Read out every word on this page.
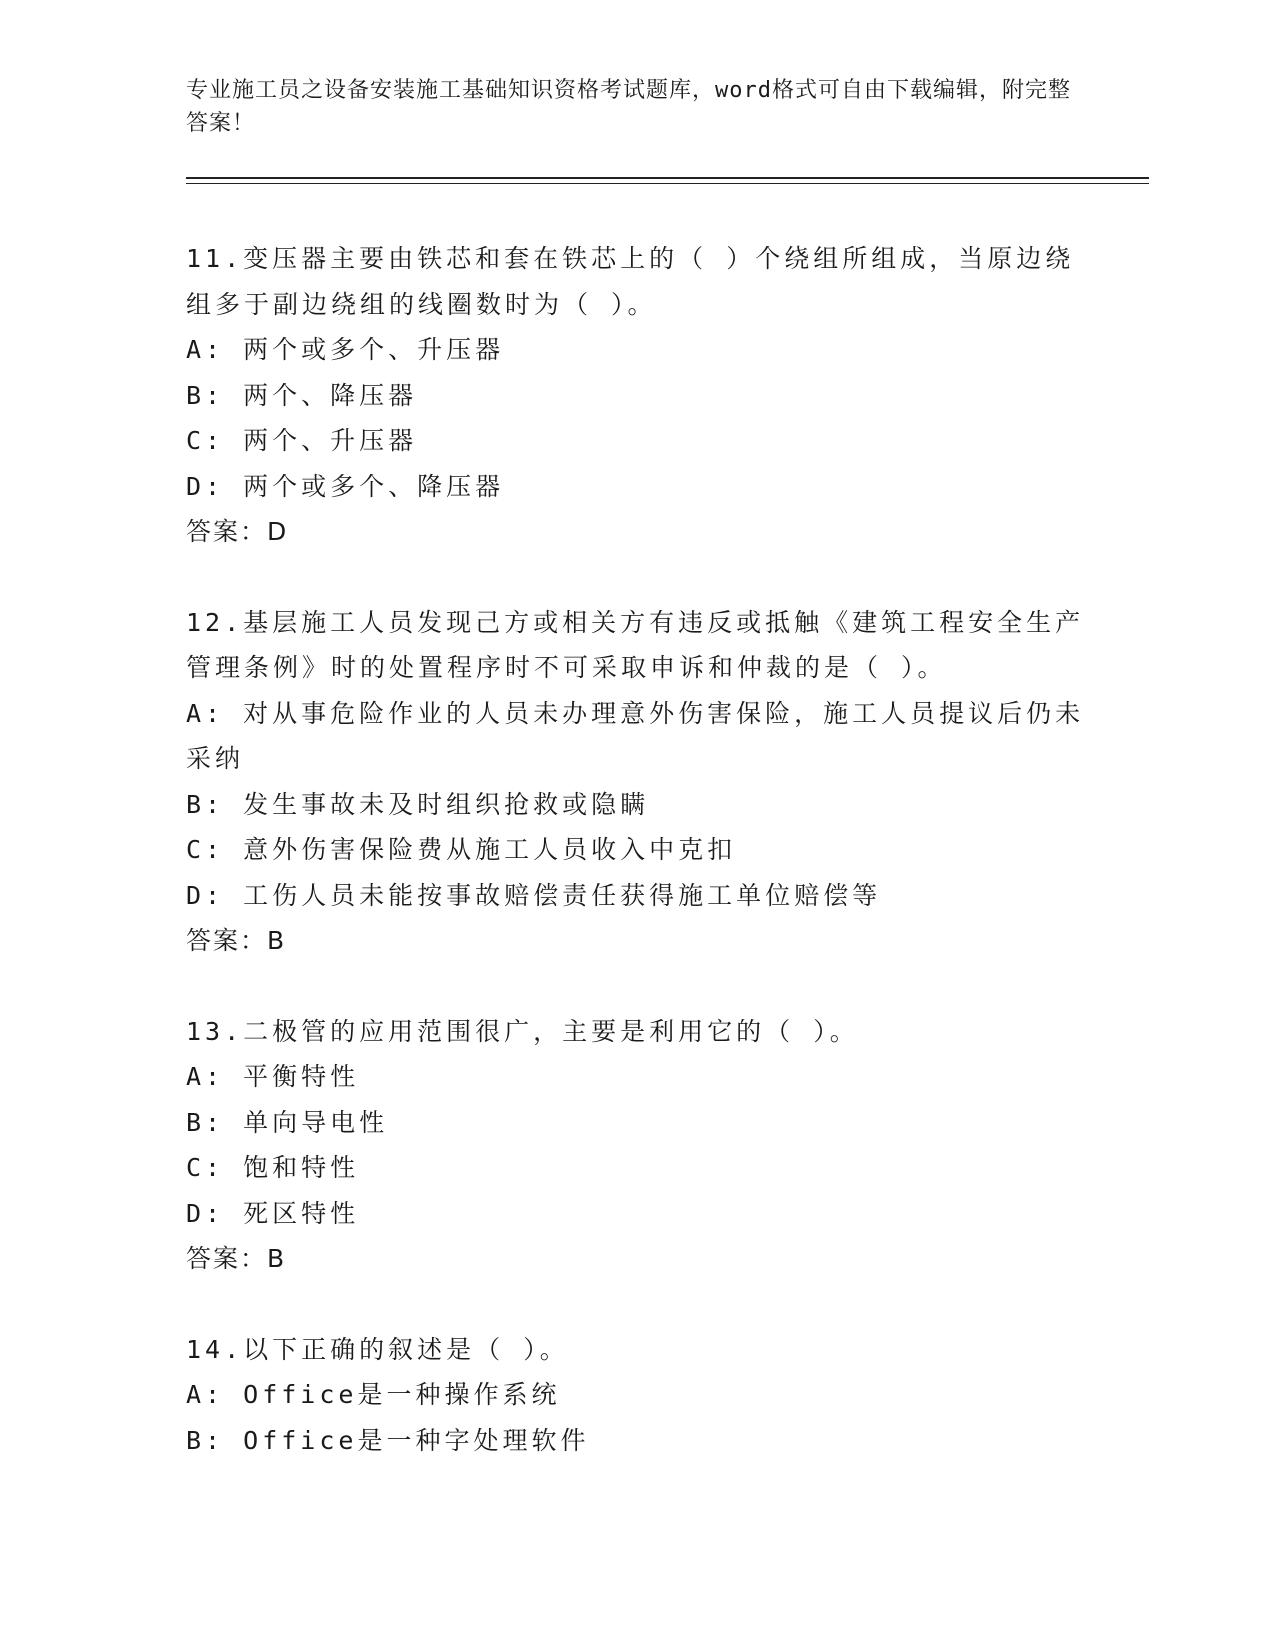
专业施工员之设备安装施工基础知识资格考试题库，word格式可自由下载编辑，附完整答案！
11.变压器主要由铁芯和套在铁芯上的（ ）个绕组所组成，当原边绕组多于副边绕组的线圈数时为（ ）。
A: 两个或多个、升压器
B: 两个、降压器
C: 两个、升压器
D: 两个或多个、降压器
答案：D
12.基层施工人员发现己方或相关方有违反或抵触《建筑工程安全生产管理条例》时的处置程序时不可采取申诉和仲裁的是（ ）。
A: 对从事危险作业的人员未办理意外伤害保险，施工人员提议后仍未采纳
B: 发生事故未及时组织抢救或隐瞒
C: 意外伤害保险费从施工人员收入中克扣
D: 工伤人员未能按事故赔偿责任获得施工单位赔偿等
答案：B
13.二极管的应用范围很广，主要是利用它的（ ）。
A: 平衡特性
B: 单向导电性
C: 饱和特性
D: 死区特性
答案：B
14.以下正确的叙述是（ ）。
A: Office是一种操作系统
B: Office是一种字处理软件
